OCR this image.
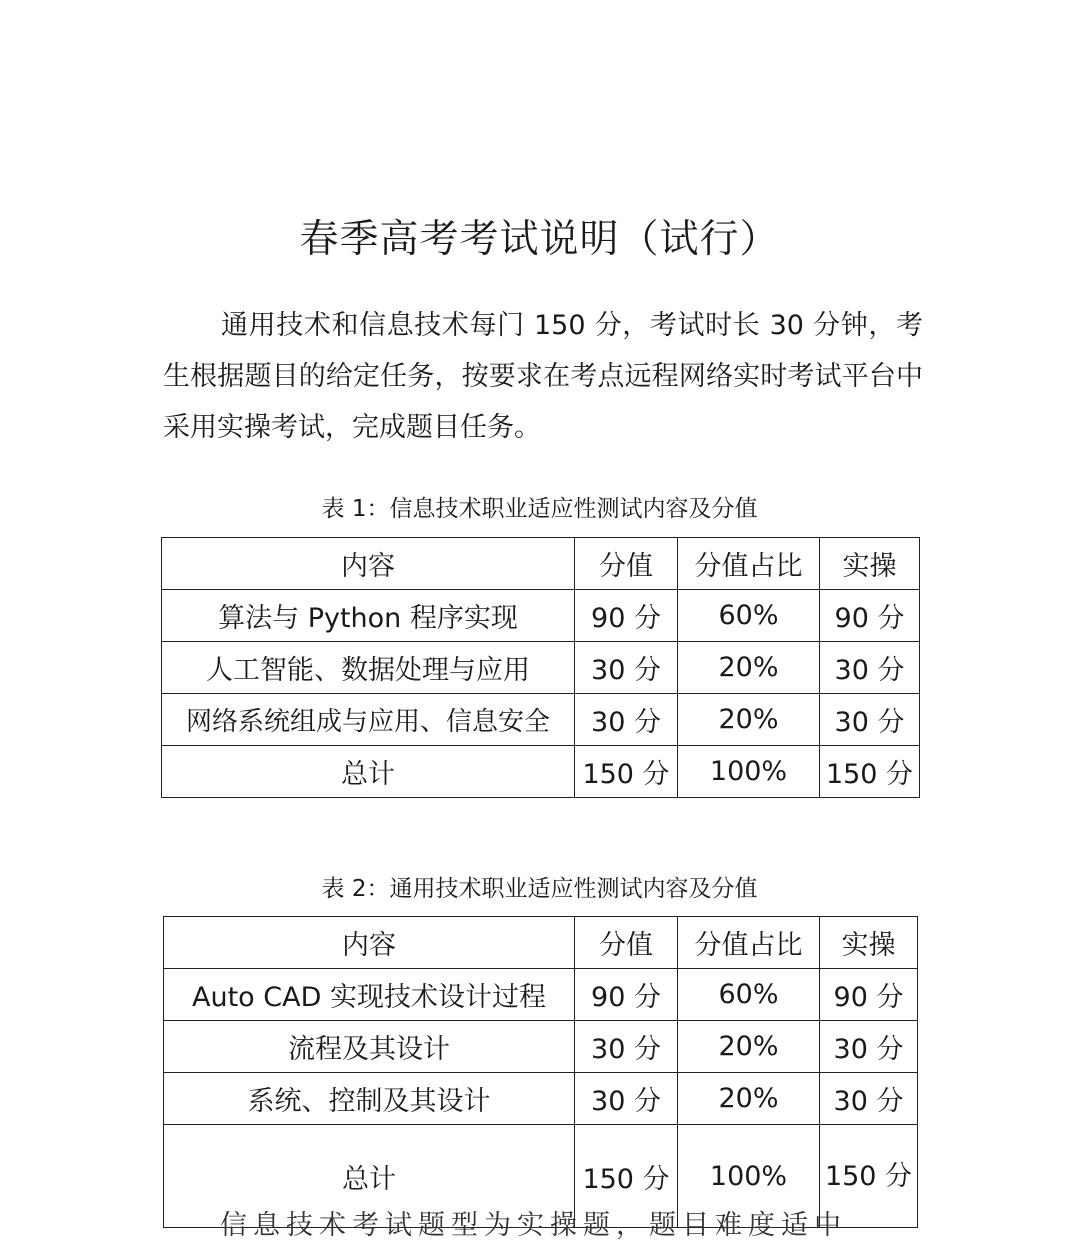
春季高考考试说明（试行）
通用技术和信息技术每门 150 分，考试时长 30 分钟，考生根据题目的给定任务，按要求在考点远程网络实时考试平台中采用实操考试，完成题目任务。
表 1：信息技术职业适应性测试内容及分值
内容	分值	分值占比	实操
算法与 Python 程序实现	90 分	60%	90 分
人工智能、数据处理与应用	30 分	20%	30 分
网络系统组成与应用、信息安全	30 分	20%	30 分
总计	150 分	100%	150 分
表 2：通用技术职业适应性测试内容及分值
内容	分值	分值占比	实操
Auto CAD 实现技术设计过程	90 分	60%	90 分
流程及其设计	30 分	20%	30 分
系统、控制及其设计	30 分	20%	30 分
总计	150 分	100%	150 分
信息技术考试题型为实操题，题目难度适中
